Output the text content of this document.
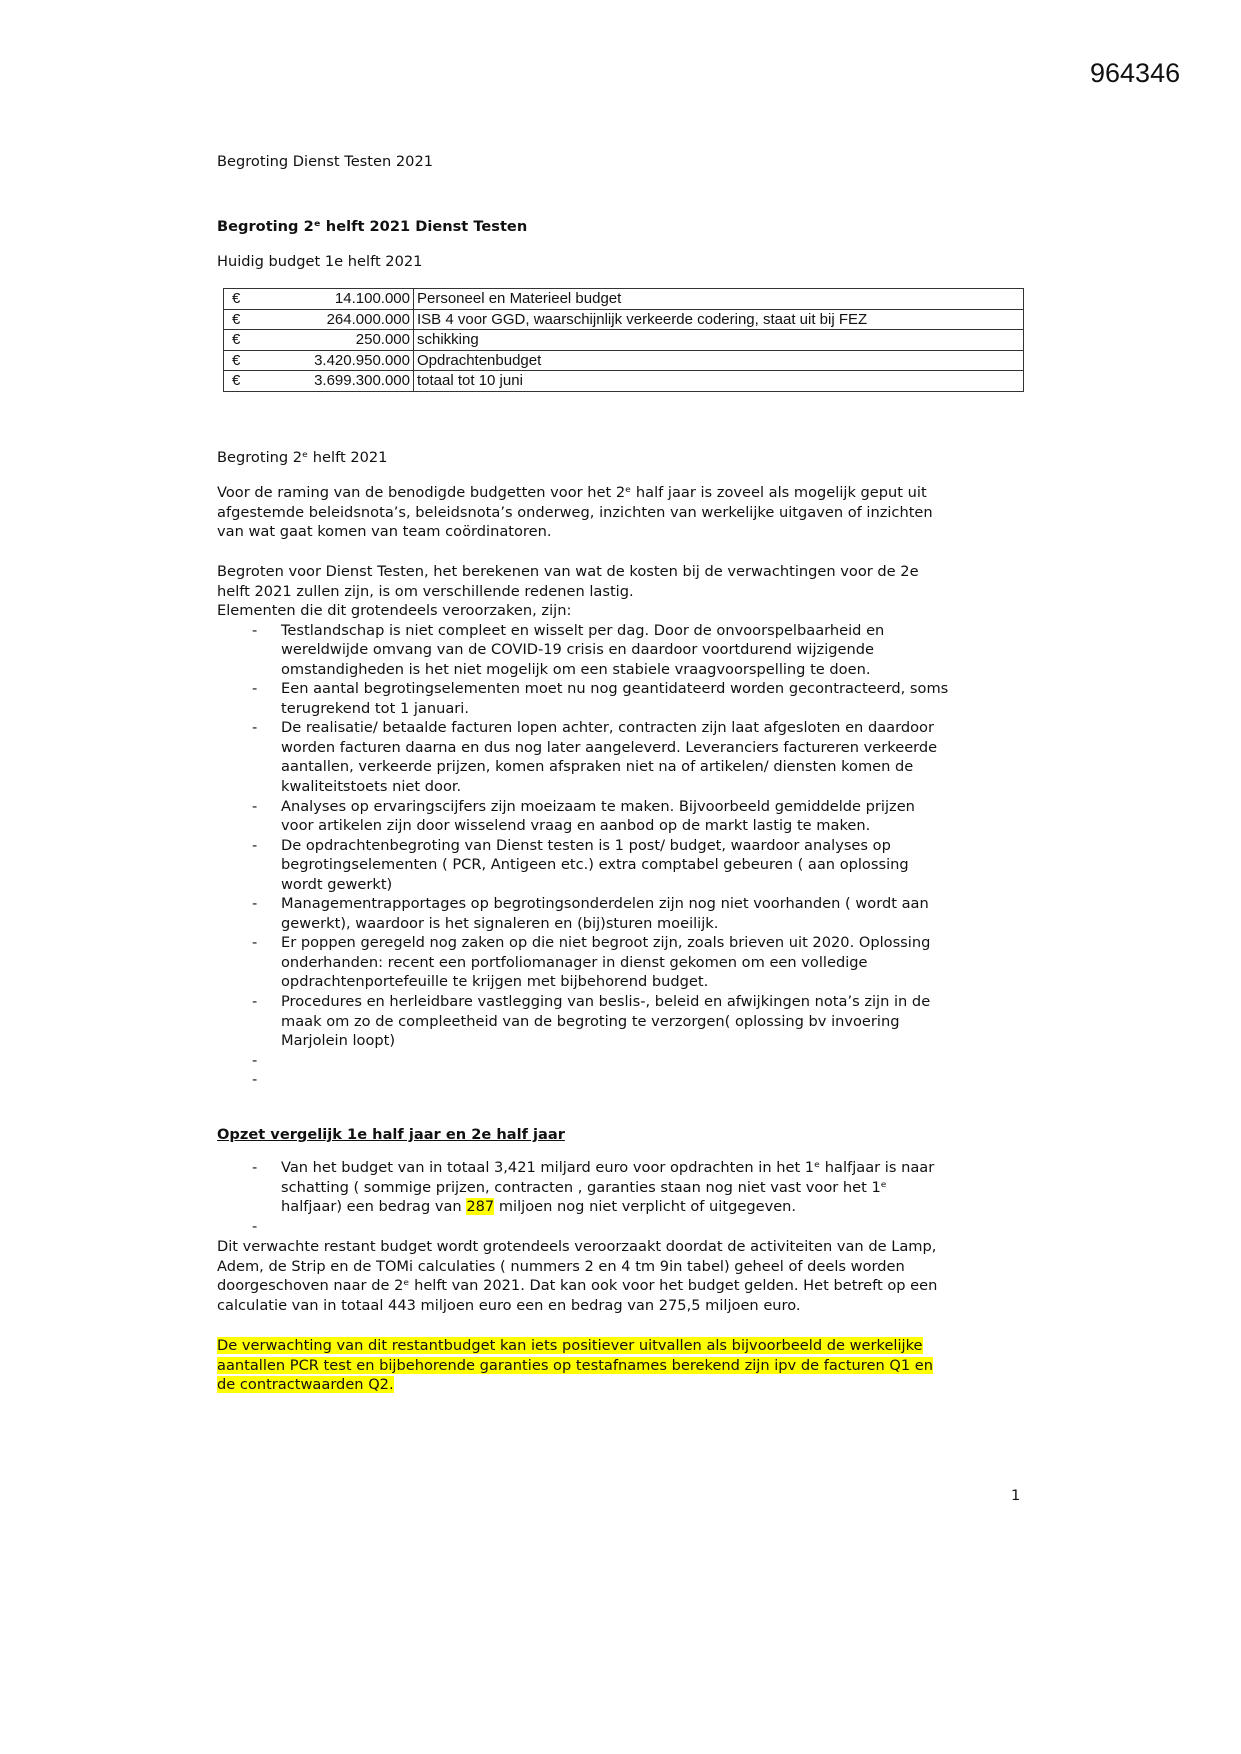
964346
Begroting Dienst Testen 2021
Begroting 2ᵉ helft 2021 Dienst Testen
Huidig budget 1e helft 2021
€	14.100.000	Personeel en Materieel budget
€	264.000.000	ISB 4 voor GGD, waarschijnlijk verkeerde codering, staat uit bij FEZ
€	250.000	schikking
€	3.420.950.000	Opdrachtenbudget
€	3.699.300.000	totaal tot 10 juni
Begroting 2ᵉ helft 2021
Voor de raming van de benodigde budgetten voor het 2ᵉ half jaar is zoveel als mogelijk geput uit
afgestemde beleidsnota’s, beleidsnota’s onderweg, inzichten van werkelijke uitgaven of inzichten
van wat gaat komen van team coördinatoren.
Begroten voor Dienst Testen, het berekenen van wat de kosten bij de verwachtingen voor de 2e
helft 2021 zullen zijn, is om verschillende redenen lastig.
Elementen die dit grotendeels veroorzaken, zijn:
- Testlandschap is niet compleet en wisselt per dag. Door de onvoorspelbaarheid en
wereldwijde omvang van de COVID-19 crisis en daardoor voortdurend wijzigende
omstandigheden is het niet mogelijk om een stabiele vraagvoorspelling te doen.
- Een aantal begrotingselementen moet nu nog geantidateerd worden gecontracteerd, soms
terugrekend tot 1 januari.
- De realisatie/ betaalde facturen lopen achter, contracten zijn laat afgesloten en daardoor
worden facturen daarna en dus nog later aangeleverd. Leveranciers factureren verkeerde
aantallen, verkeerde prijzen, komen afspraken niet na of artikelen/ diensten komen de
kwaliteitstoets niet door.
- Analyses op ervaringscijfers zijn moeizaam te maken. Bijvoorbeeld gemiddelde prijzen
voor artikelen zijn door wisselend vraag en aanbod op de markt lastig te maken.
- De opdrachtenbegroting van Dienst testen is 1 post/ budget, waardoor analyses op
begrotingselementen ( PCR, Antigeen etc.) extra comptabel gebeuren ( aan oplossing
wordt gewerkt)
- Managementrapportages op begrotingsonderdelen zijn nog niet voorhanden ( wordt aan
gewerkt), waardoor is het signaleren en (bij)sturen moeilijk.
- Er poppen geregeld nog zaken op die niet begroot zijn, zoals brieven uit 2020. Oplossing
onderhanden: recent een portfoliomanager in dienst gekomen om een volledige
opdrachtenportefeuille te krijgen met bijbehorend budget.
- Procedures en herleidbare vastlegging van beslis-, beleid en afwijkingen nota’s zijn in de
maak om zo de compleetheid van de begroting te verzorgen( oplossing bv invoering
Marjolein loopt)
-
-
Opzet vergelijk 1e half jaar en 2e half jaar
- Van het budget van in totaal 3,421 miljard euro voor opdrachten in het 1ᵉ halfjaar is naar
schatting ( sommige prijzen, contracten , garanties staan nog niet vast voor het 1ᵉ
halfjaar) een bedrag van 287 miljoen nog niet verplicht of uitgegeven.
-
Dit verwachte restant budget wordt grotendeels veroorzaakt doordat de activiteiten van de Lamp,
Adem, de Strip en de TOMi calculaties ( nummers 2 en 4 tm 9in tabel) geheel of deels worden
doorgeschoven naar de 2ᵉ helft van 2021. Dat kan ook voor het budget gelden. Het betreft op een
calculatie van in totaal 443 miljoen euro een en bedrag van 275,5 miljoen euro.
De verwachting van dit restantbudget kan iets positiever uitvallen als bijvoorbeeld de werkelijke
aantallen PCR test en bijbehorende garanties op testafnames berekend zijn ipv de facturen Q1 en
de contractwaarden Q2.
1
